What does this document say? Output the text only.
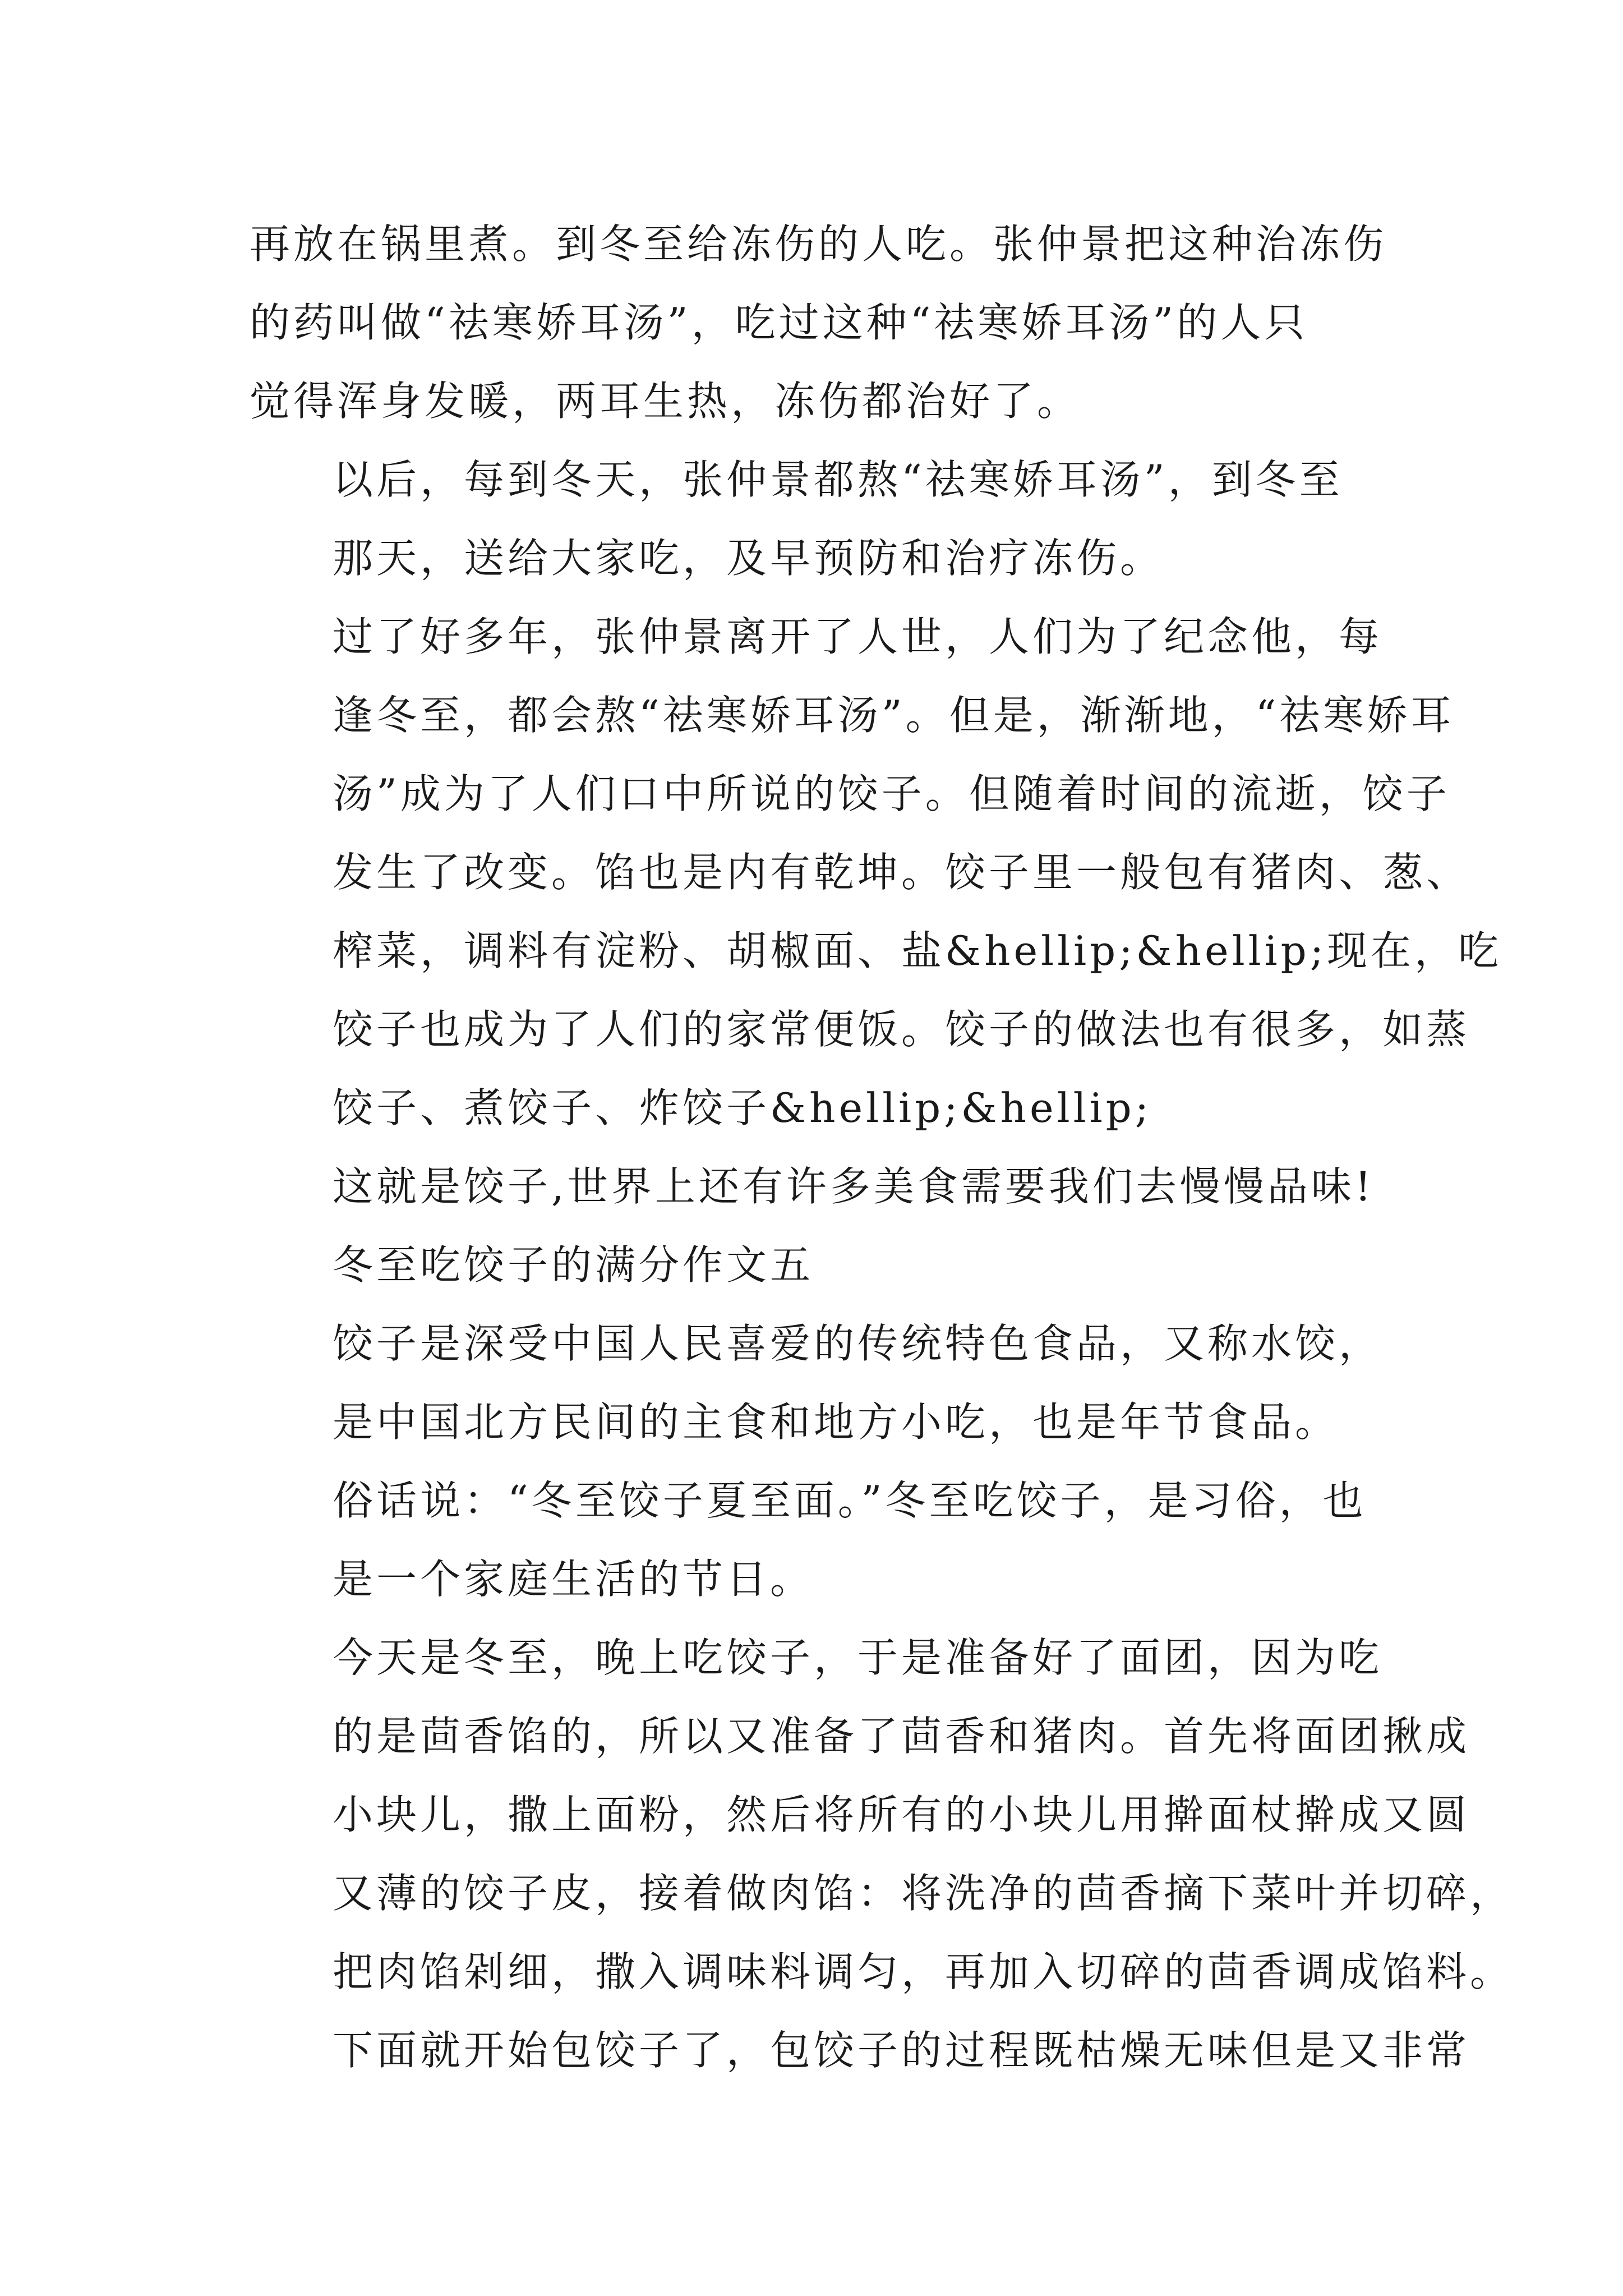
再放在锅里煮。到冬至给冻伤的人吃。张仲景把这种治冻伤
的药叫做“祛寒娇耳汤”，吃过这种“祛寒娇耳汤”的人只
觉得浑身发暖，两耳生热，冻伤都治好了。

以后，每到冬天，张仲景都熬“祛寒娇耳汤”，到冬至
那天，送给大家吃，及早预防和治疗冻伤。

过了好多年，张仲景离开了人世，人们为了纪念他，每
逢冬至，都会熬“祛寒娇耳汤”。但是，渐渐地，“祛寒娇耳
汤”成为了人们口中所说的饺子。但随着时间的流逝，饺子
发生了改变。馅也是内有乾坤。饺子里一般包有猪肉、葱、
榨菜，调料有淀粉、胡椒面、盐&hellip;&hellip;现在，吃
饺子也成为了人们的家常便饭。饺子的做法也有很多，如蒸
饺子、煮饺子、炸饺子&hellip;&hellip;

这就是饺子,世界上还有许多美食需要我们去慢慢品味!

冬至吃饺子的满分作文五

饺子是深受中国人民喜爱的传统特色食品，又称水饺，
是中国北方民间的主食和地方小吃，也是年节食品。

俗话说：“冬至饺子夏至面。”冬至吃饺子，是习俗，也
是一个家庭生活的节日。

今天是冬至，晚上吃饺子，于是准备好了面团，因为吃
的是茴香馅的，所以又准备了茴香和猪肉。首先将面团揪成
小块儿，撒上面粉，然后将所有的小块儿用擀面杖擀成又圆
又薄的饺子皮，接着做肉馅：将洗净的茴香摘下菜叶并切碎，
把肉馅剁细，撒入调味料调匀，再加入切碎的茴香调成馅料。
下面就开始包饺子了，包饺子的过程既枯燥无味但是又非常
